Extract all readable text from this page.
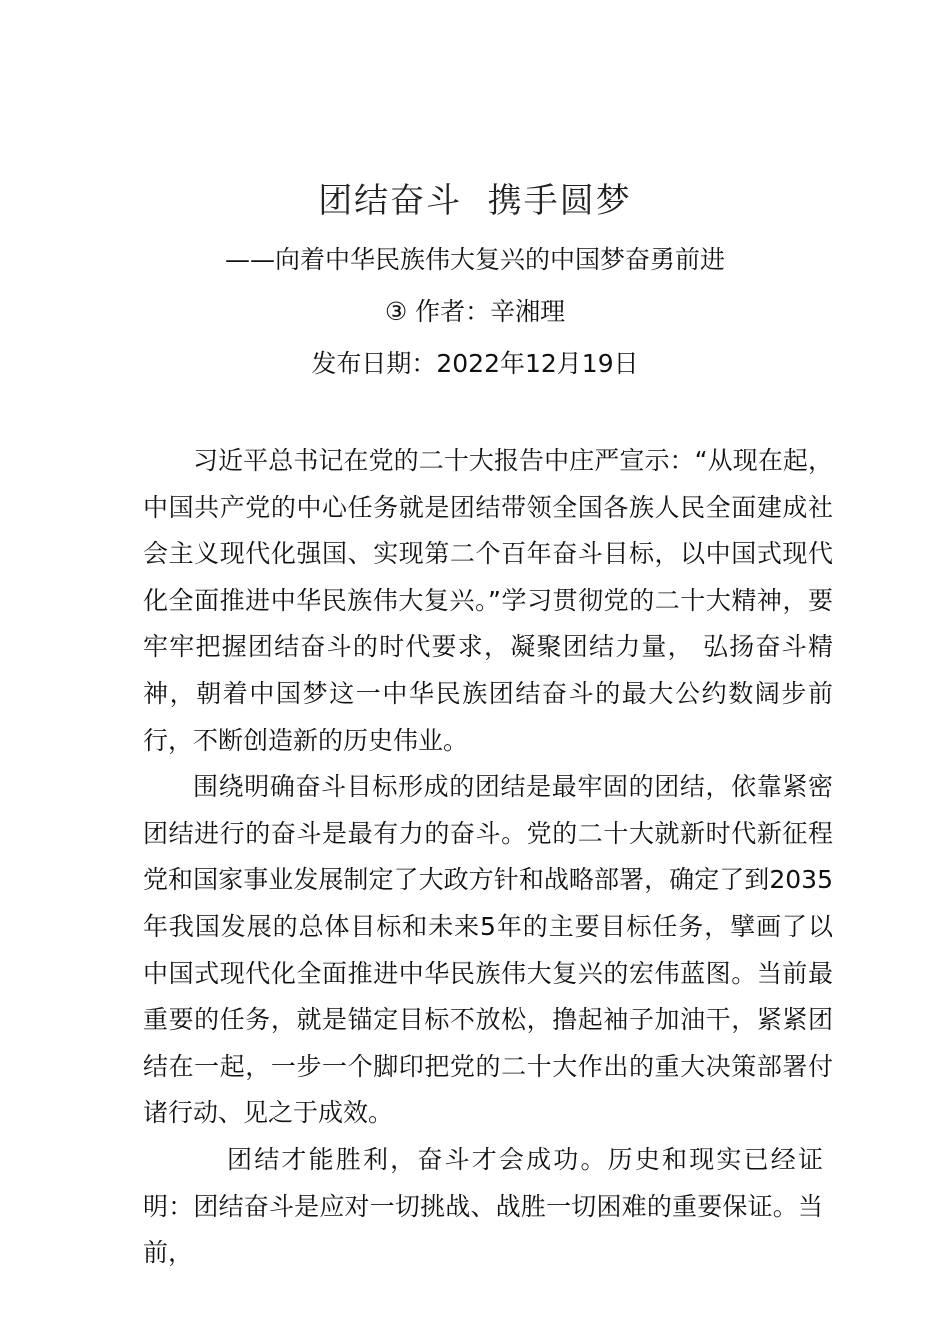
团结奋斗  携手圆梦
——向着中华民族伟大复兴的中国梦奋勇前进
③ 作者：辛湘理
发布日期：2022年12月19日

习近平总书记在党的二十大报告中庄严宣示：“从现在起，中国共产党的中心任务就是团结带领全国各族人民全面建成社会主义现代化强国、实现第二个百年奋斗目标，以中国式现代化全面推进中华民族伟大复兴。”学习贯彻党的二十大精神，要牢牢把握团结奋斗的时代要求，凝聚团结力量， 弘扬奋斗精神，朝着中国梦这一中华民族团结奋斗的最大公约数阔步前行，不断创造新的历史伟业。

围绕明确奋斗目标形成的团结是最牢固的团结，依靠紧密团结进行的奋斗是最有力的奋斗。党的二十大就新时代新征程党和国家事业发展制定了大政方针和战略部署，确定了到2035年我国发展的总体目标和未来5年的主要目标任务，擘画了以中国式现代化全面推进中华民族伟大复兴的宏伟蓝图。当前最重要的任务，就是锚定目标不放松，撸起袖子加油干，紧紧团结在一起，一步一个脚印把党的二十大作出的重大决策部署付诸行动、见之于成效。

团结才能胜利，奋斗才会成功。历史和现实已经证明：团结奋斗是应对一切挑战、战胜一切困难的重要保证。当前，
